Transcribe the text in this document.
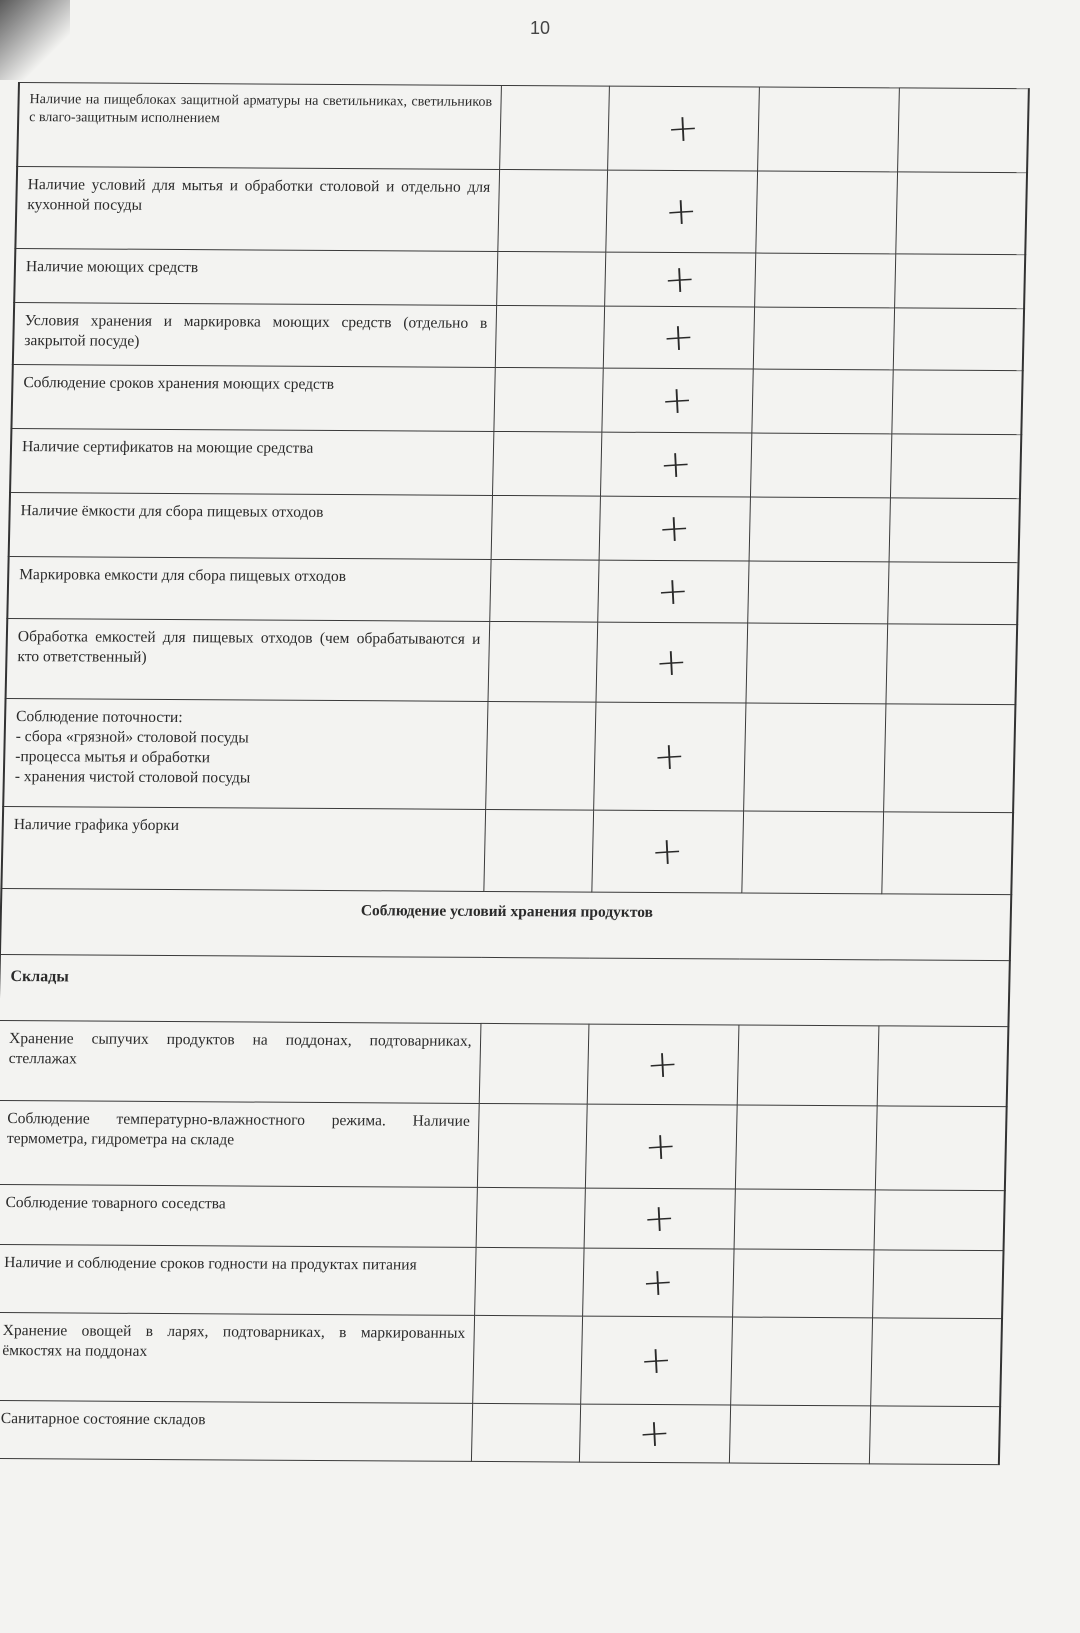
10
Наличие на пищеблоках защитной арматуры на светильниках, светильников с влаго-защитным исполнением		+		
Наличие условий для мытья и обработки столовой и отдельно для кухонной посуды		+		
Наличие моющих средств		+		
Условия хранения и маркировка моющих средств (отдельно в закрытой посуде)		+		
Соблюдение сроков хранения моющих средств		+		
Наличие сертификатов на моющие средства		+		
Наличие ёмкости для сбора пищевых отходов		+		
Маркировка емкости для сбора пищевых отходов		+		
Обработка емкостей для пищевых отходов (чем обрабатываются и кто ответственный)		+		
Соблюдение поточности:
- сбора «грязной» столовой посуды
-процесса мытья и обработки
- хранения чистой столовой посуды		+		
Наличие графика уборки		+		
Соблюдение условий хранения продуктов				
Склады				
Хранение сыпучих продуктов на поддонах, подтоварниках, стеллажах		+		
Соблюдение температурно-влажностного режима. Наличие термометра, гидрометра на складе		+		
Соблюдение товарного соседства		+		
Наличие и соблюдение сроков годности на продуктах питания		+		
Хранение овощей в ларях, подтоварниках, в маркированных ёмкостях на поддонах		+		
Санитарное состояние складов		+		
